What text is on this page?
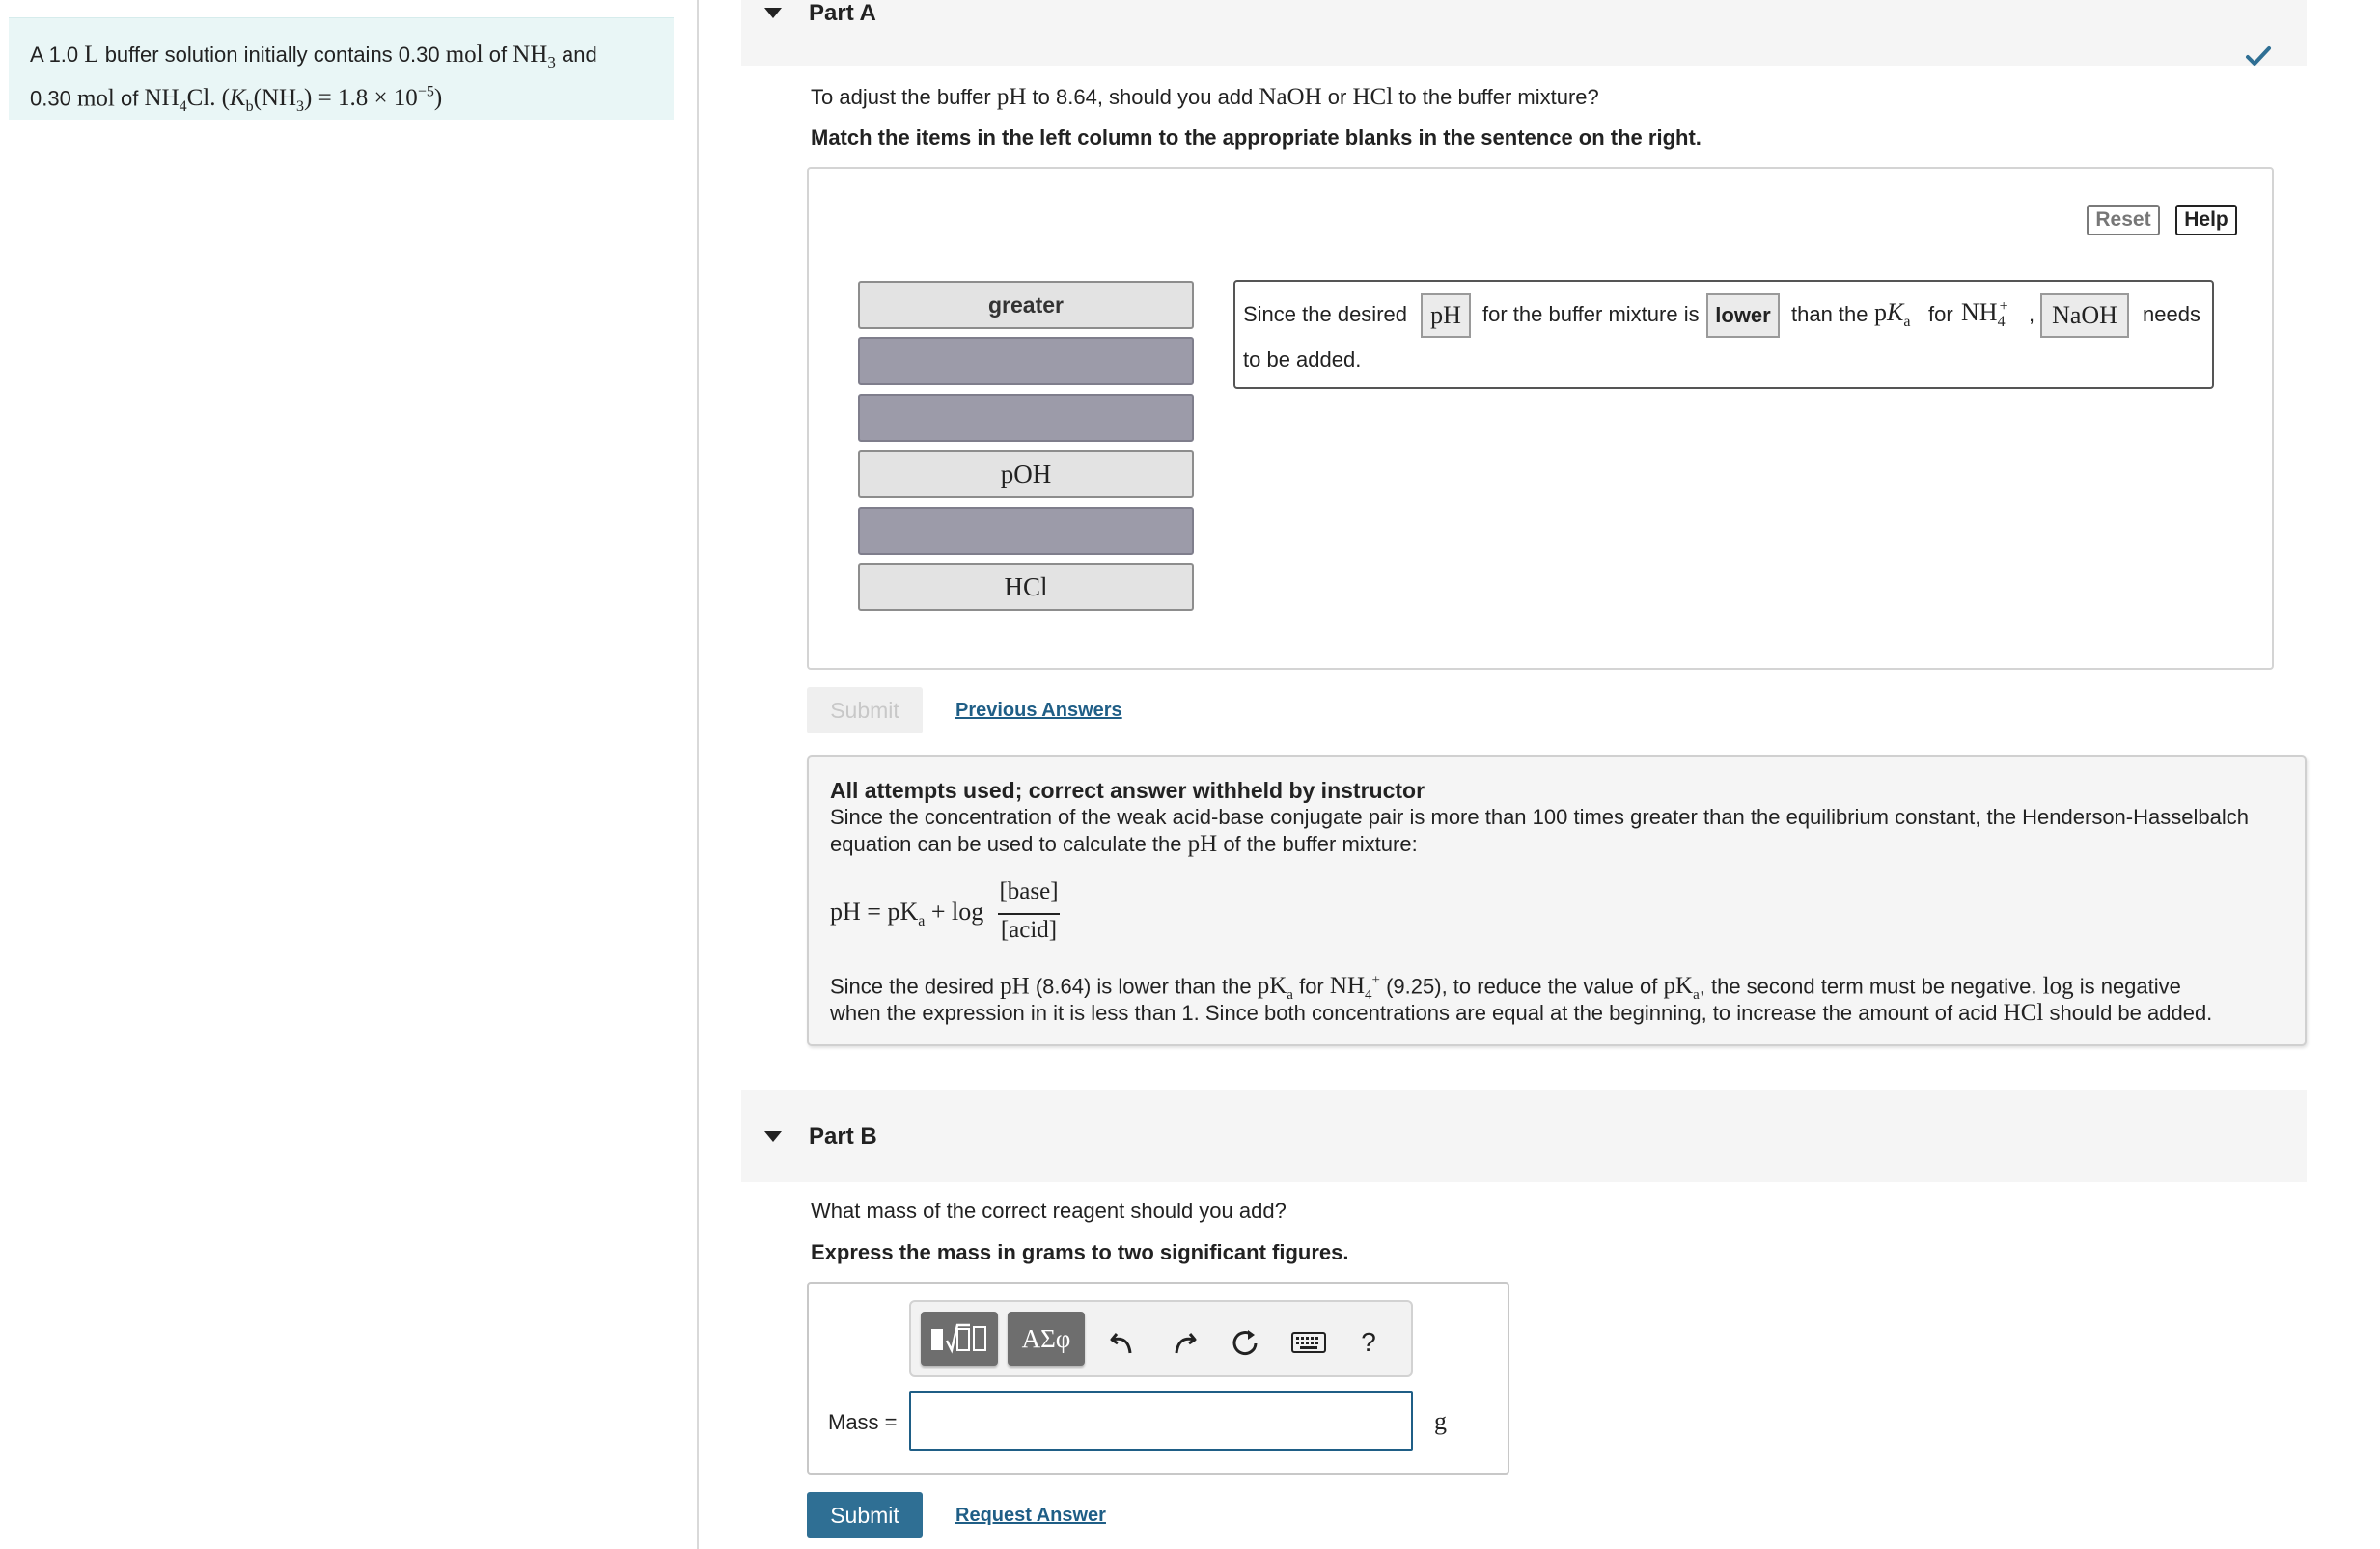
A 1.0 L buffer solution initially contains 0.30 mol of $NH_3$ and
0.30 mol of $NH_4Cl$. $(K_b(NH_3) = 1.8 \times 10^{-5})$
Part A
To adjust the buffer pH to 8.64, should you add NaOH or HCl to the buffer mixture?
Match the items in the left column to the appropriate blanks in the sentence on the right.
Reset	Help
greater
pOH
HCl
Since the desired pH	for the buffer mixture is lower than the $pK_a$ for $NH_4^+$ , NaOH	needs
to be added.
Submit	Previous Answers
All attempts used; correct answer withheld by instructor
Since the concentration of the weak acid-base conjugate pair is more than 100 times greater than the equilibrium constant, the Henderson-Hasselbalch
equation can be used to calculate the pH of the buffer mixture:
pH = $pK_a + \log$
[base]
[acid]
Since the desired pH (8.64) is lower than the $pK_a$ for $NH_4^+$ (9.25), to reduce the value of $pK_a$, the second term must be negative. log is negative
when the expression in it is less than 1. Since both concentrations are equal at the beginning, to increase the amount of acid HCl should be added.
Part B
What mass of the correct reagent should you add?
Express the mass in grams to two significant figures.
ΑΣφ	?
Mass =	g
Submit	Request Answer
